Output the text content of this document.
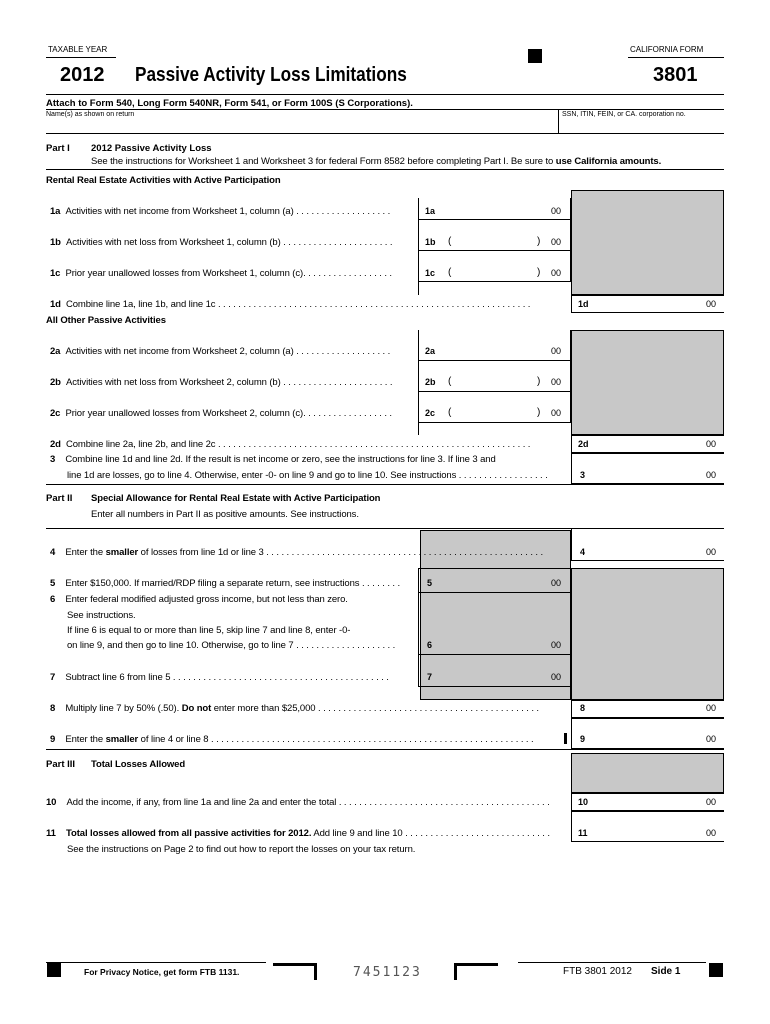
TAXABLE YEAR	CALIFORNIA FORM
2012 Passive Activity Loss Limitations	3801
Attach to Form 540, Long Form 540NR, Form 541, or Form 100S (S Corporations).
Name(s) as shown on return	SSN, ITIN, FEIN, or CA. corporation no.
Part I 2012 Passive Activity Loss
See the instructions for Worksheet 1 and Worksheet 3 for federal Form 8582 before completing Part I. Be sure to use California amounts.
Rental Real Estate Activities with Active Participation
1a Activities with net income from Worksheet 1, column (a) . . . . . . . . . . . . . . . . . . .	1a	00
1b Activities with net loss from Worksheet 1, column (b) . . . . . . . . . . . . . . . . . . . . . .	1b (	) 00
1c Prior year unallowed losses from Worksheet 1, column (c). . . . . . . . . . . . . . . . . .	1c (	) 00
1d Combine line 1a, line 1b, and line 1c . . . . . . . . . . . . . . . . . . . . . . . . . . . . . . . . . . . . . . . . . . . . . . . . . . . . . . . . . . . . . .	1d	00
All Other Passive Activities
2a Activities with net income from Worksheet 2, column (a) . . . . . . . . . . . . . . . . . . .	2a	00
2b Activities with net loss from Worksheet 2, column (b) . . . . . . . . . . . . . . . . . . . . . .	2b (	) 00
2c Prior year unallowed losses from Worksheet 2, column (c). . . . . . . . . . . . . . . . . .	2c (	) 00
2d Combine line 2a, line 2b, and line 2c . . . . . . . . . . . . . . . . . . . . . . . . . . . . . . . . . . . . . . . . . . . . . . . . . . . . . . . . . . . . . .	2d	00
3 Combine line 1d and line 2d. If the result is net income or zero, see the instructions for line 3. If line 3 and
line 1d are losses, go to line 4. Otherwise, enter -0- on line 9 and go to line 10. See instructions . . . . . . . . . . . . . . . . . .	3	00
Part II Special Allowance for Rental Real Estate with Active Participation
Enter all numbers in Part II as positive amounts. See instructions.
4 Enter the smaller of losses from line 1d or line 3 . . . . . . . . . . . . . . . . . . . . . . . . . . . . . . . . . . . . . . . . . . . . . . . . . . . . . . .	4	00
5 Enter $150,000. If married/RDP filing a separate return, see instructions . . . . . . . .	5	00
6 Enter federal modified adjusted gross income, but not less than zero.
See instructions.
If line 6 is equal to or more than line 5, skip line 7 and line 8, enter -0-
on line 9, and then go to line 10. Otherwise, go to line 7 . . . . . . . . . . . . . . . . . . . .	6	00
7 Subtract line 6 from line 5 . . . . . . . . . . . . . . . . . . . . . . . . . . . . . . . . . . . . . . . . . . .	7	00
8 Multiply line 7 by 50% (.50). Do not enter more than $25,000 . . . . . . . . . . . . . . . . . . . . . . . . . . . . . . . . . . . . . . . . . . . .	8	00
9 Enter the smaller of line 4 or line 8 . . . . . . . . . . . . . . . . . . . . . . . . . . . . . . . . . . . . . . . . . . . . . . . . . . . . . . . . . . . . . . . .	9	00
Part III Total Losses Allowed
10 Add the income, if any, from line 1a and line 2a and enter the total . . . . . . . . . . . . . . . . . . . . . . . . . . . . . . . . . . . . . . . . . .	10	00
11 Total losses allowed from all passive activities for 2012. Add line 9 and line 10 . . . . . . . . . . . . . . . . . . . . . . . . . . . . .
See the instructions on Page 2 to find out how to report the losses on your tax return.
11	00
For Privacy Notice, get form FTB 1131.	7451123	FTB 3801 2012 Side 1
